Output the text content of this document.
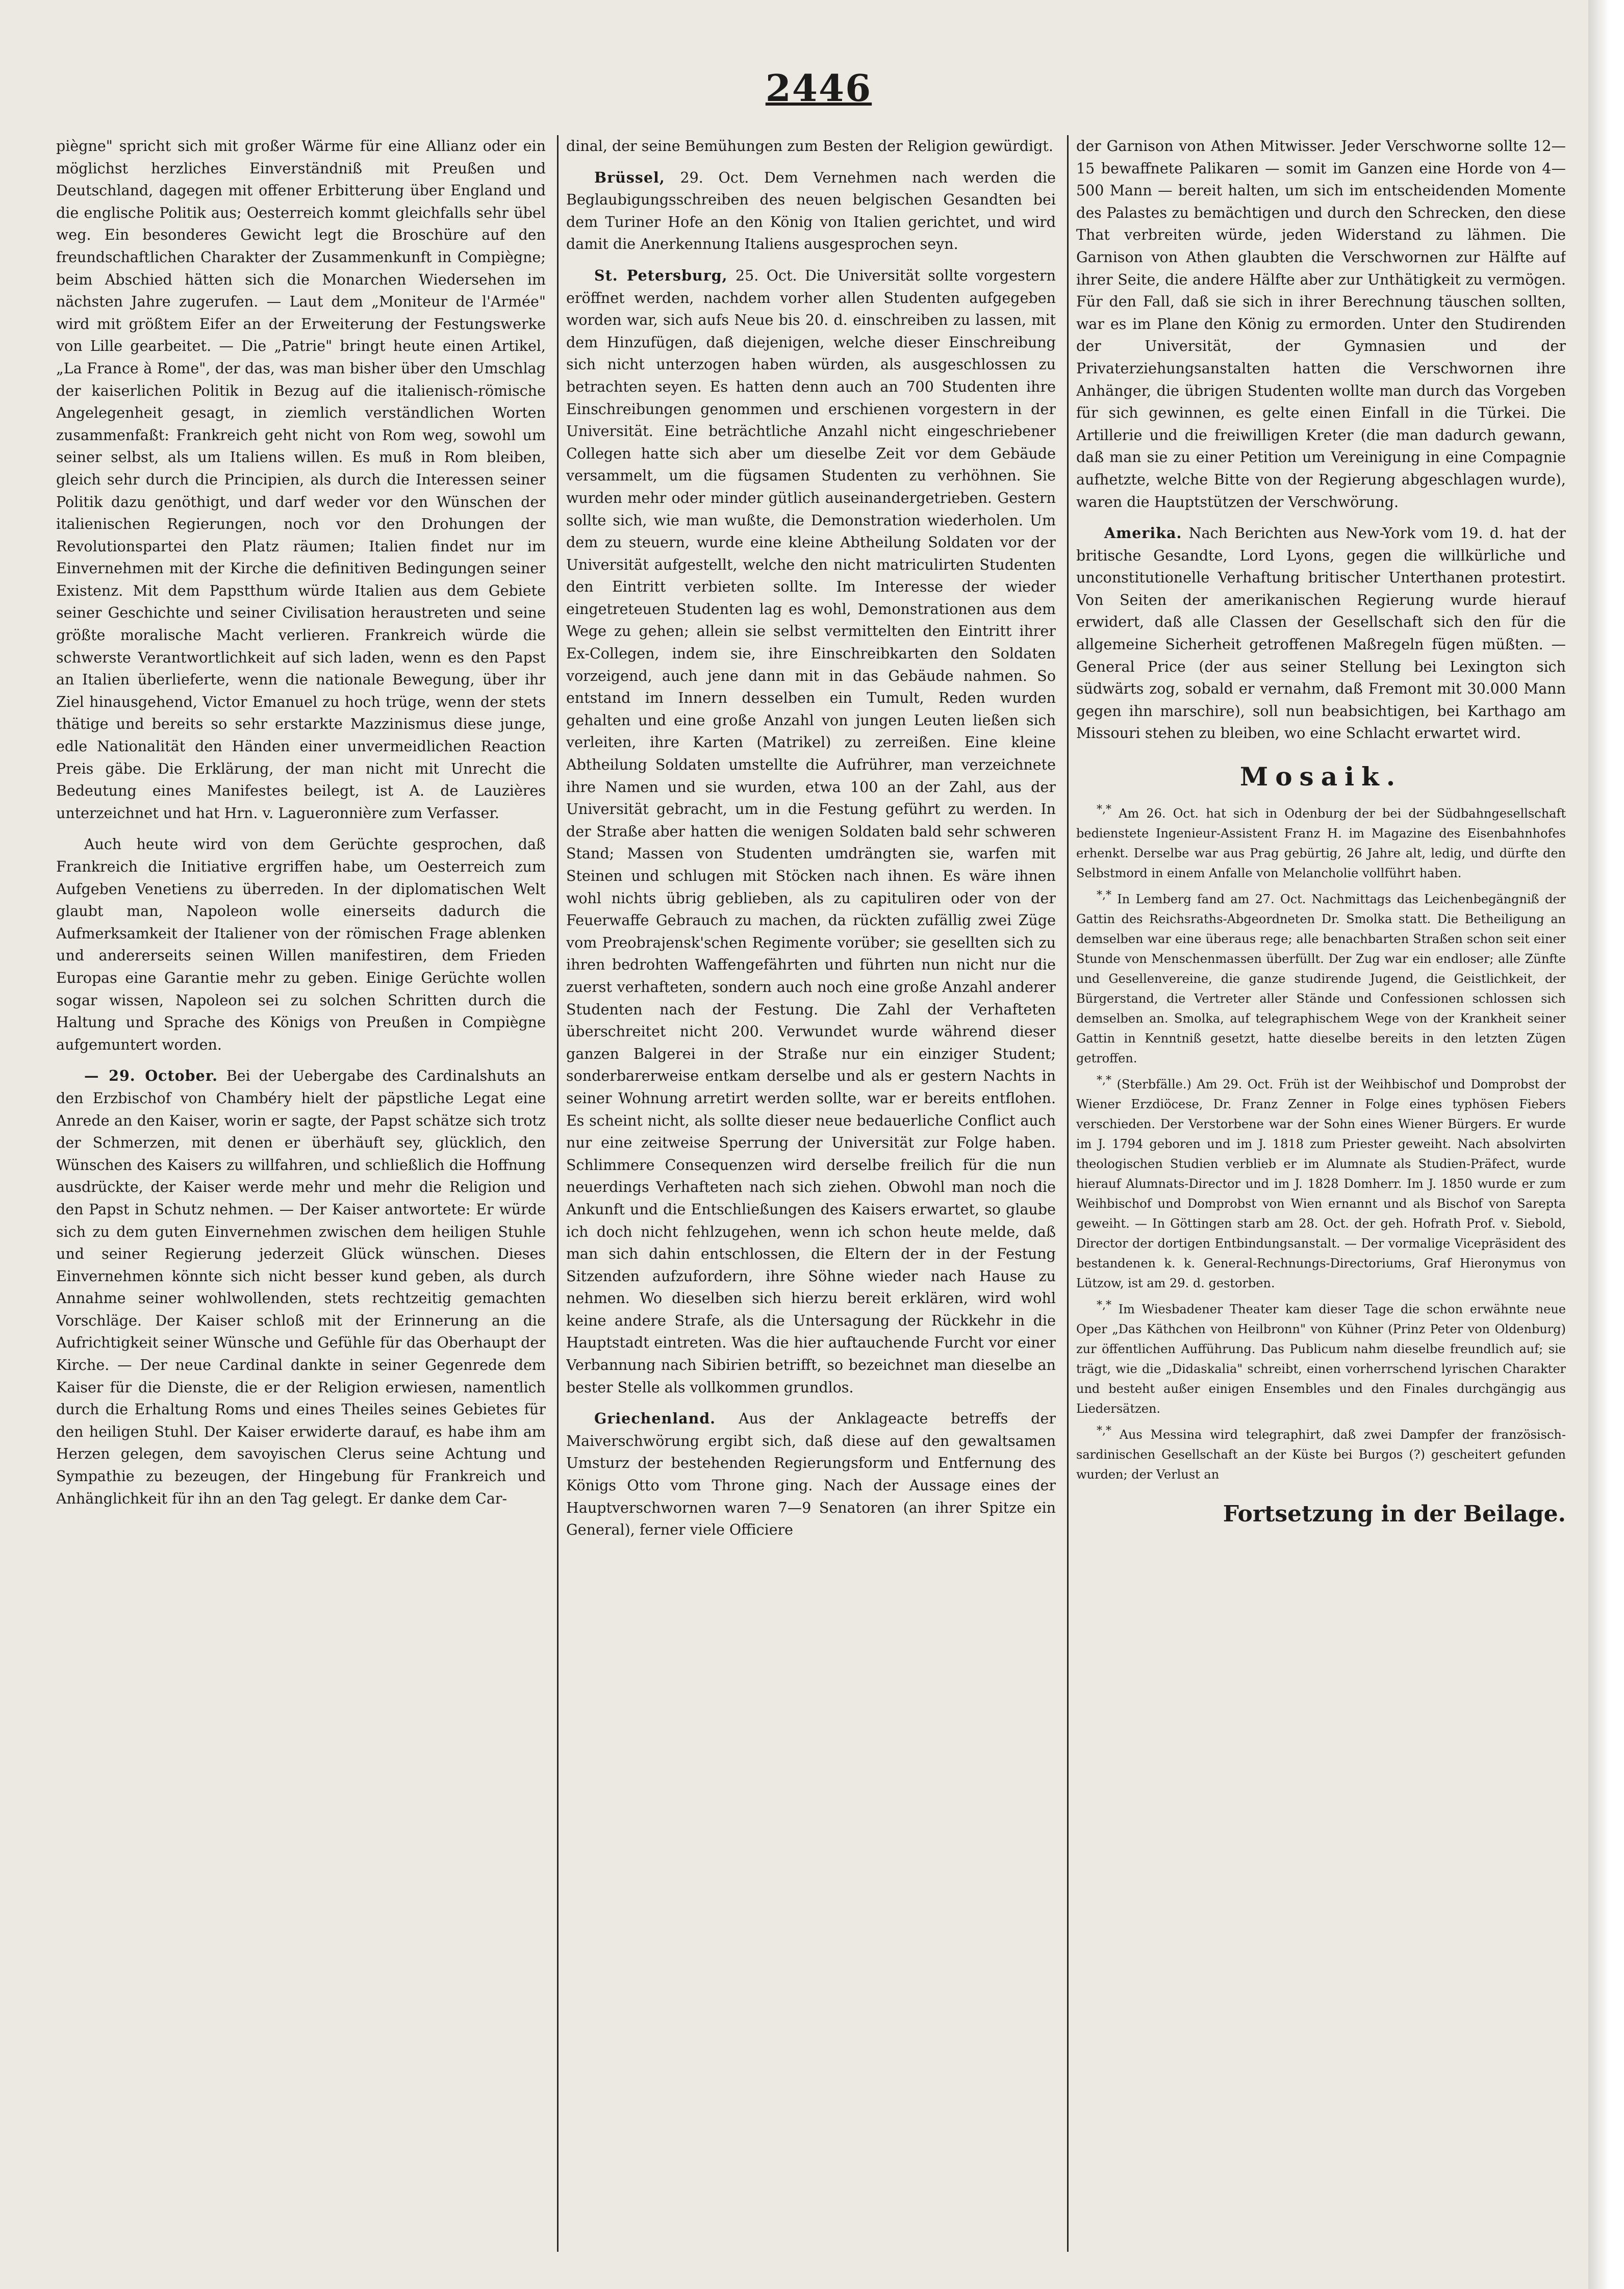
2446

piègne" spricht sich mit großer Wärme für eine Allianz oder ein möglichst herzliches Einverständniß mit Preußen und Deutschland, dagegen mit offener Erbitterung über England und die englische Politik aus; Oesterreich kommt gleichfalls sehr übel weg. Ein besonderes Gewicht legt die Broschüre auf den freundschaftlichen Charakter der Zusammenkunft in Compiègne; beim Abschied hätten sich die Monarchen Wiedersehen im nächsten Jahre zugerufen. — Laut dem „Moniteur de l'Armée" wird mit größtem Eifer an der Erweiterung der Festungswerke von Lille gearbeitet. — Die „Patrie" bringt heute einen Artikel, „La France à Rome", der das, was man bisher über den Umschlag der kaiserlichen Politik in Bezug auf die italienisch-römische Angelegenheit gesagt, in ziemlich verständlichen Worten zusammenfaßt: Frankreich geht nicht von Rom weg, sowohl um seiner selbst, als um Italiens willen. Es muß in Rom bleiben, gleich sehr durch die Principien, als durch die Interessen seiner Politik dazu genöthigt, und darf weder vor den Wünschen der italienischen Regierungen, noch vor den Drohungen der Revolutionspartei den Platz räumen; Italien findet nur im Einvernehmen mit der Kirche die definitiven Bedingungen seiner Existenz. Mit dem Papstthum würde Italien aus dem Gebiete seiner Geschichte und seiner Civilisation heraustreten und seine größte moralische Macht verlieren. Frankreich würde die schwerste Verantwortlichkeit auf sich laden, wenn es den Papst an Italien überlieferte, wenn die nationale Bewegung, über ihr Ziel hinausgehend, Victor Emanuel zu hoch trüge, wenn der stets thätige und bereits so sehr erstarkte Mazzinismus diese junge, edle Nationalität den Händen einer unvermeidlichen Reaction Preis gäbe. Die Erklärung, der man nicht mit Unrecht die Bedeutung eines Manifestes beilegt, ist A. de Lauzières unterzeichnet und hat Hrn. v. Lagueronnière zum Verfasser.

Auch heute wird von dem Gerüchte gesprochen, daß Frankreich die Initiative ergriffen habe, um Oesterreich zum Aufgeben Venetiens zu überreden. In der diplomatischen Welt glaubt man, Napoleon wolle einerseits dadurch die Aufmerksamkeit der Italiener von der römischen Frage ablenken und andererseits seinen Willen manifestiren, dem Frieden Europas eine Garantie mehr zu geben. Einige Gerüchte wollen sogar wissen, Napoleon sei zu solchen Schritten durch die Haltung und Sprache des Königs von Preußen in Compiègne aufgemuntert worden.

— 29. October. Bei der Uebergabe des Cardinalshuts an den Erzbischof von Chambéry hielt der päpstliche Legat eine Anrede an den Kaiser, worin er sagte, der Papst schätze sich trotz der Schmerzen, mit denen er überhäuft sey, glücklich, den Wünschen des Kaisers zu willfahren, und schließlich die Hoffnung ausdrückte, der Kaiser werde mehr und mehr die Religion und den Papst in Schutz nehmen. — Der Kaiser antwortete: Er würde sich zu dem guten Einvernehmen zwischen dem heiligen Stuhle und seiner Regierung jederzeit Glück wünschen. Dieses Einvernehmen könnte sich nicht besser kund geben, als durch Annahme seiner wohlwollenden, stets rechtzeitig gemachten Vorschläge. Der Kaiser schloß mit der Erinnerung an die Aufrichtigkeit seiner Wünsche und Gefühle für das Oberhaupt der Kirche. — Der neue Cardinal dankte in seiner Gegenrede dem Kaiser für die Dienste, die er der Religion erwiesen, namentlich durch die Erhaltung Roms und eines Theiles seines Gebietes für den heiligen Stuhl. Der Kaiser erwiderte darauf, es habe ihm am Herzen gelegen, dem savoyischen Clerus seine Achtung und Sympathie zu bezeugen, der Hingebung für Frankreich und Anhänglichkeit für ihn an den Tag gelegt. Er danke dem Car-

dinal, der seine Bemühungen zum Besten der Religion gewürdigt.

Brüssel, 29. Oct. Dem Vernehmen nach werden die Beglaubigungsschreiben des neuen belgischen Gesandten bei dem Turiner Hofe an den König von Italien gerichtet, und wird damit die Anerkennung Italiens ausgesprochen seyn.

St. Petersburg, 25. Oct. Die Universität sollte vorgestern eröffnet werden, nachdem vorher allen Studenten aufgegeben worden war, sich aufs Neue bis 20. d. einschreiben zu lassen, mit dem Hinzufügen, daß diejenigen, welche dieser Einschreibung sich nicht unterzogen haben würden, als ausgeschlossen zu betrachten seyen. Es hatten denn auch an 700 Studenten ihre Einschreibungen genommen und erschienen vorgestern in der Universität. Eine beträchtliche Anzahl nicht eingeschriebener Collegen hatte sich aber um dieselbe Zeit vor dem Gebäude versammelt, um die fügsamen Studenten zu verhöhnen. Sie wurden mehr oder minder gütlich auseinandergetrieben. Gestern sollte sich, wie man wußte, die Demonstration wiederholen. Um dem zu steuern, wurde eine kleine Abtheilung Soldaten vor der Universität aufgestellt, welche den nicht matriculirten Studenten den Eintritt verbieten sollte. Im Interesse der wieder eingetreteuen Studenten lag es wohl, Demonstrationen aus dem Wege zu gehen; allein sie selbst vermittelten den Eintritt ihrer Ex-Collegen, indem sie, ihre Einschreibkarten den Soldaten vorzeigend, auch jene dann mit in das Gebäude nahmen. So entstand im Innern desselben ein Tumult, Reden wurden gehalten und eine große Anzahl von jungen Leuten ließen sich verleiten, ihre Karten (Matrikel) zu zerreißen. Eine kleine Abtheilung Soldaten umstellte die Aufrührer, man verzeichnete ihre Namen und sie wurden, etwa 100 an der Zahl, aus der Universität gebracht, um in die Festung geführt zu werden. In der Straße aber hatten die wenigen Soldaten bald sehr schweren Stand; Massen von Studenten umdrängten sie, warfen mit Steinen und schlugen mit Stöcken nach ihnen. Es wäre ihnen wohl nichts übrig geblieben, als zu capituliren oder von der Feuerwaffe Gebrauch zu machen, da rückten zufällig zwei Züge vom Preobrajensk'schen Regimente vorüber; sie gesellten sich zu ihren bedrohten Waffengefährten und führten nun nicht nur die zuerst verhafteten, sondern auch noch eine große Anzahl anderer Studenten nach der Festung. Die Zahl der Verhafteten überschreitet nicht 200. Verwundet wurde während dieser ganzen Balgerei in der Straße nur ein einziger Student; sonderbarerweise entkam derselbe und als er gestern Nachts in seiner Wohnung arretirt werden sollte, war er bereits entflohen. Es scheint nicht, als sollte dieser neue bedauerliche Conflict auch nur eine zeitweise Sperrung der Universität zur Folge haben. Schlimmere Consequenzen wird derselbe freilich für die nun neuerdings Verhafteten nach sich ziehen. Obwohl man noch die Ankunft und die Entschließungen des Kaisers erwartet, so glaube ich doch nicht fehlzugehen, wenn ich schon heute melde, daß man sich dahin entschlossen, die Eltern der in der Festung Sitzenden aufzufordern, ihre Söhne wieder nach Hause zu nehmen. Wo dieselben sich hierzu bereit erklären, wird wohl keine andere Strafe, als die Untersagung der Rückkehr in die Hauptstadt eintreten. Was die hier auftauchende Furcht vor einer Verbannung nach Sibirien betrifft, so bezeichnet man dieselbe an bester Stelle als vollkommen grundlos.

Griechenland. Aus der Anklageacte betreffs der Maiverschwörung ergibt sich, daß diese auf den gewaltsamen Umsturz der bestehenden Regierungsform und Entfernung des Königs Otto vom Throne ging. Nach der Aussage eines der Hauptverschwornen waren 7—9 Senatoren (an ihrer Spitze ein General), ferner viele Officiere

der Garnison von Athen Mitwisser. Jeder Verschworne sollte 12—15 bewaffnete Palikaren — somit im Ganzen eine Horde von 4—500 Mann — bereit halten, um sich im entscheidenden Momente des Palastes zu bemächtigen und durch den Schrecken, den diese That verbreiten würde, jeden Widerstand zu lähmen. Die Garnison von Athen glaubten die Verschwornen zur Hälfte auf ihrer Seite, die andere Hälfte aber zur Unthätigkeit zu vermögen. Für den Fall, daß sie sich in ihrer Berechnung täuschen sollten, war es im Plane den König zu ermorden. Unter den Studirenden der Universität, der Gymnasien und der Privaterziehungsanstalten hatten die Verschwornen ihre Anhänger, die übrigen Studenten wollte man durch das Vorgeben für sich gewinnen, es gelte einen Einfall in die Türkei. Die Artillerie und die freiwilligen Kreter (die man dadurch gewann, daß man sie zu einer Petition um Vereinigung in eine Compagnie aufhetzte, welche Bitte von der Regierung abgeschlagen wurde), waren die Hauptstützen der Verschwörung.

Amerika. Nach Berichten aus New-York vom 19. d. hat der britische Gesandte, Lord Lyons, gegen die willkürliche und unconstitutionelle Verhaftung britischer Unterthanen protestirt. Von Seiten der amerikanischen Regierung wurde hierauf erwidert, daß alle Classen der Gesellschaft sich den für die allgemeine Sicherheit getroffenen Maßregeln fügen müßten. — General Price (der aus seiner Stellung bei Lexington sich südwärts zog, sobald er vernahm, daß Fremont mit 30.000 Mann gegen ihn marschire), soll nun beabsichtigen, bei Karthago am Missouri stehen zu bleiben, wo eine Schlacht erwartet wird.

Mosaik.

*,* Am 26. Oct. hat sich in Odenburg der bei der Südbahngesellschaft bedienstete Ingenieur-Assistent Franz H. im Magazine des Eisenbahnhofes erhenkt. Derselbe war aus Prag gebürtig, 26 Jahre alt, ledig, und dürfte den Selbstmord in einem Anfalle von Melancholie vollführt haben.

*,* In Lemberg fand am 27. Oct. Nachmittags das Leichenbegängniß der Gattin des Reichsraths-Abgeordneten Dr. Smolka statt. Die Betheiligung an demselben war eine überaus rege; alle benachbarten Straßen schon seit einer Stunde von Menschenmassen überfüllt. Der Zug war ein endloser; alle Zünfte und Gesellenvereine, die ganze studirende Jugend, die Geistlichkeit, der Bürgerstand, die Vertreter aller Stände und Confessionen schlossen sich demselben an. Smolka, auf telegraphischem Wege von der Krankheit seiner Gattin in Kenntniß gesetzt, hatte dieselbe bereits in den letzten Zügen getroffen.

*,* (Sterbfälle.) Am 29. Oct. Früh ist der Weihbischof und Domprobst der Wiener Erzdiöcese, Dr. Franz Zenner in Folge eines typhösen Fiebers verschieden. Der Verstorbene war der Sohn eines Wiener Bürgers. Er wurde im J. 1794 geboren und im J. 1818 zum Priester geweiht. Nach absolvirten theologischen Studien verblieb er im Alumnate als Studien-Präfect, wurde hierauf Alumnats-Director und im J. 1828 Domherr. Im J. 1850 wurde er zum Weihbischof und Domprobst von Wien ernannt und als Bischof von Sarepta geweiht. — In Göttingen starb am 28. Oct. der geh. Hofrath Prof. v. Siebold, Director der dortigen Entbindungsanstalt. — Der vormalige Vicepräsident des bestandenen k. k. General-Rechnungs-Directoriums, Graf Hieronymus von Lützow, ist am 29. d. gestorben.

*,* Im Wiesbadener Theater kam dieser Tage die schon erwähnte neue Oper „Das Käthchen von Heilbronn" von Kühner (Prinz Peter von Oldenburg) zur öffentlichen Aufführung. Das Publicum nahm dieselbe freundlich auf; sie trägt, wie die „Didaskalia" schreibt, einen vorherrschend lyrischen Charakter und besteht außer einigen Ensembles und den Finales durchgängig aus Liedersätzen.

*,* Aus Messina wird telegraphirt, daß zwei Dampfer der französisch-sardinischen Gesellschaft an der Küste bei Burgos (?) gescheitert gefunden wurden; der Verlust an

Fortsetzung in der Beilage.
